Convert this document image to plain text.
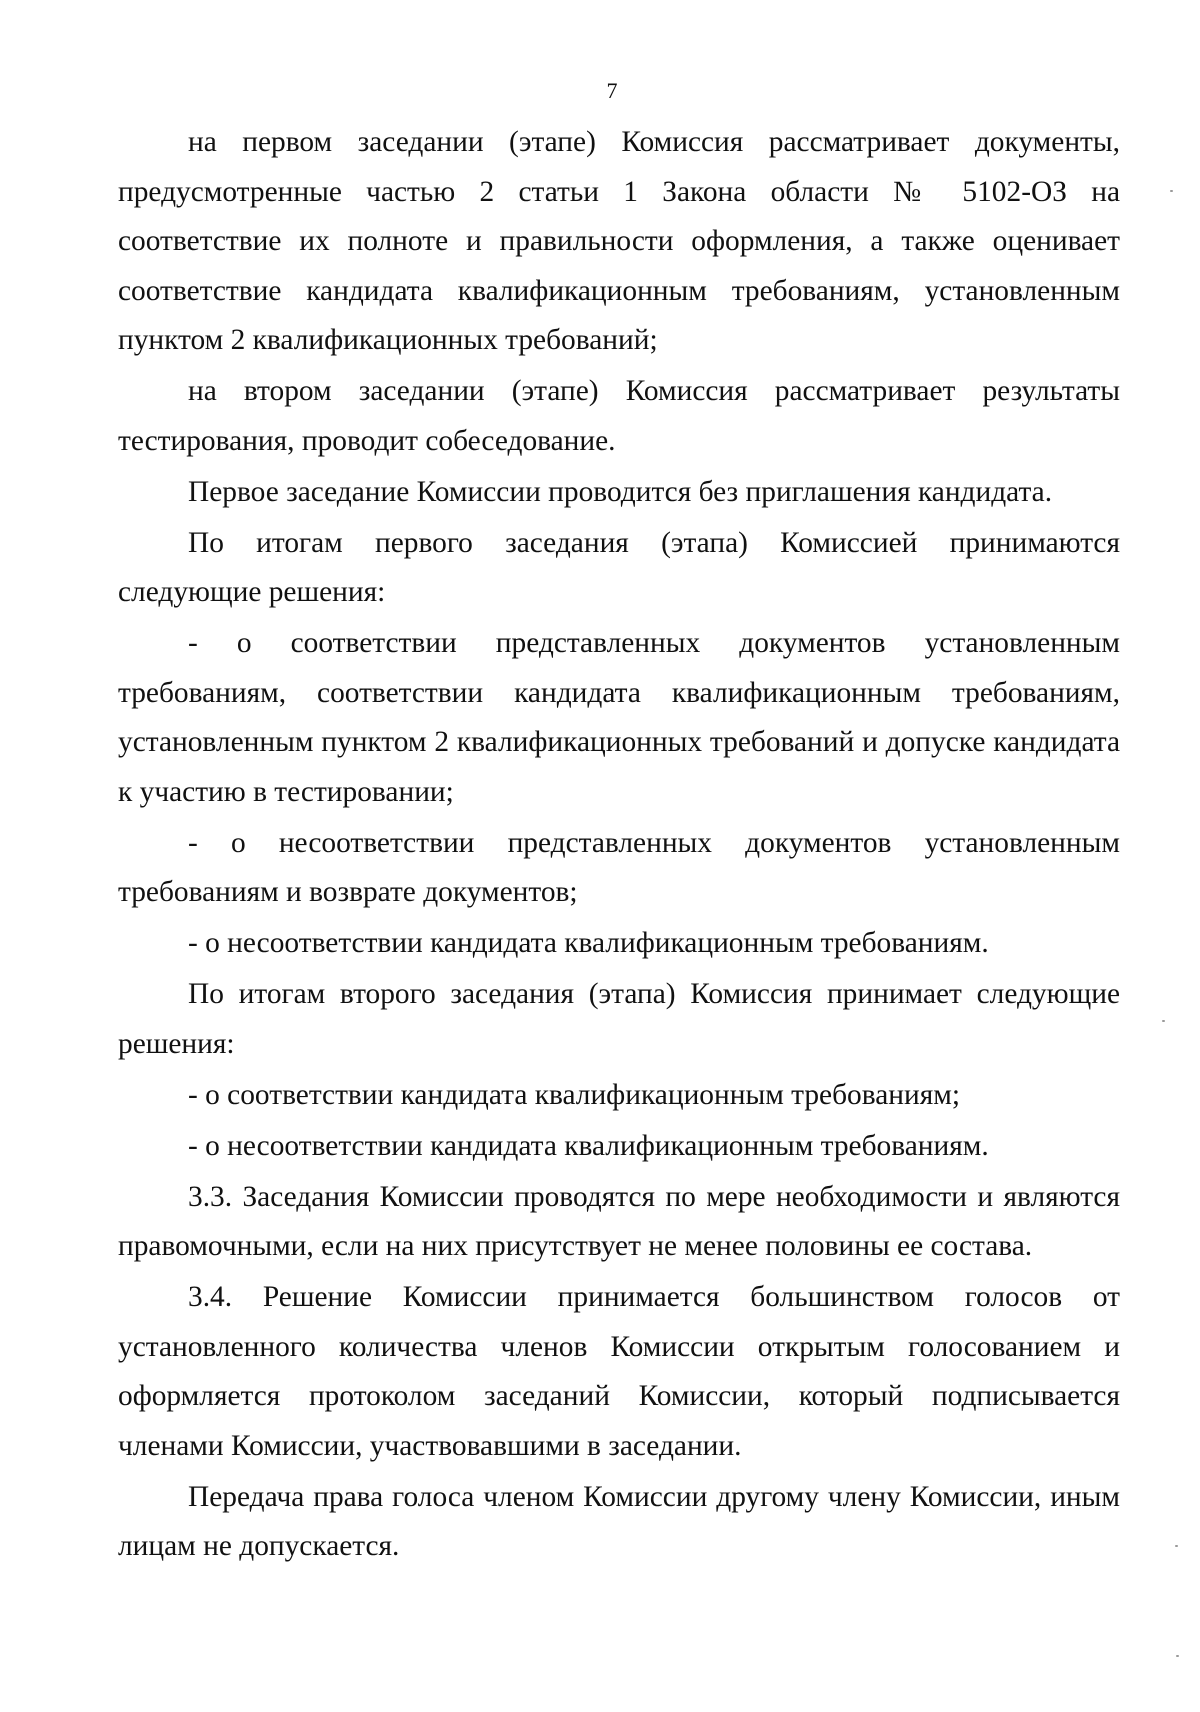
7

на первом заседании (этапе) Комиссия рассматривает документы, предусмотренные частью 2 статьи 1 Закона области № 5102-ОЗ на соответствие их полноте и правильности оформления, а также оценивает соответствие кандидата квалификационным требованиям, установленным пунктом 2 квалификационных требований;

на втором заседании (этапе) Комиссия рассматривает результаты тестирования, проводит собеседование.

Первое заседание Комиссии проводится без приглашения кандидата.

По итогам первого заседания (этапа) Комиссией принимаются следующие решения:

- о соответствии представленных документов установленным требованиям, соответствии кандидата квалификационным требованиям, установленным пунктом 2 квалификационных требований и допуске кандидата к участию в тестировании;

- о несоответствии представленных документов установленным требованиям и возврате документов;

- о несоответствии кандидата квалификационным требованиям.

По итогам второго заседания (этапа) Комиссия принимает следующие решения:

- о соответствии кандидата квалификационным требованиям;

- о несоответствии кандидата квалификационным требованиям.

3.3. Заседания Комиссии проводятся по мере необходимости и являются правомочными, если на них присутствует не менее половины ее состава.

3.4. Решение Комиссии принимается большинством голосов от установленного количества членов Комиссии открытым голосованием и оформляется протоколом заседаний Комиссии, который подписывается членами Комиссии, участвовавшими в заседании.

Передача права голоса членом Комиссии другому члену Комиссии, иным лицам не допускается.
